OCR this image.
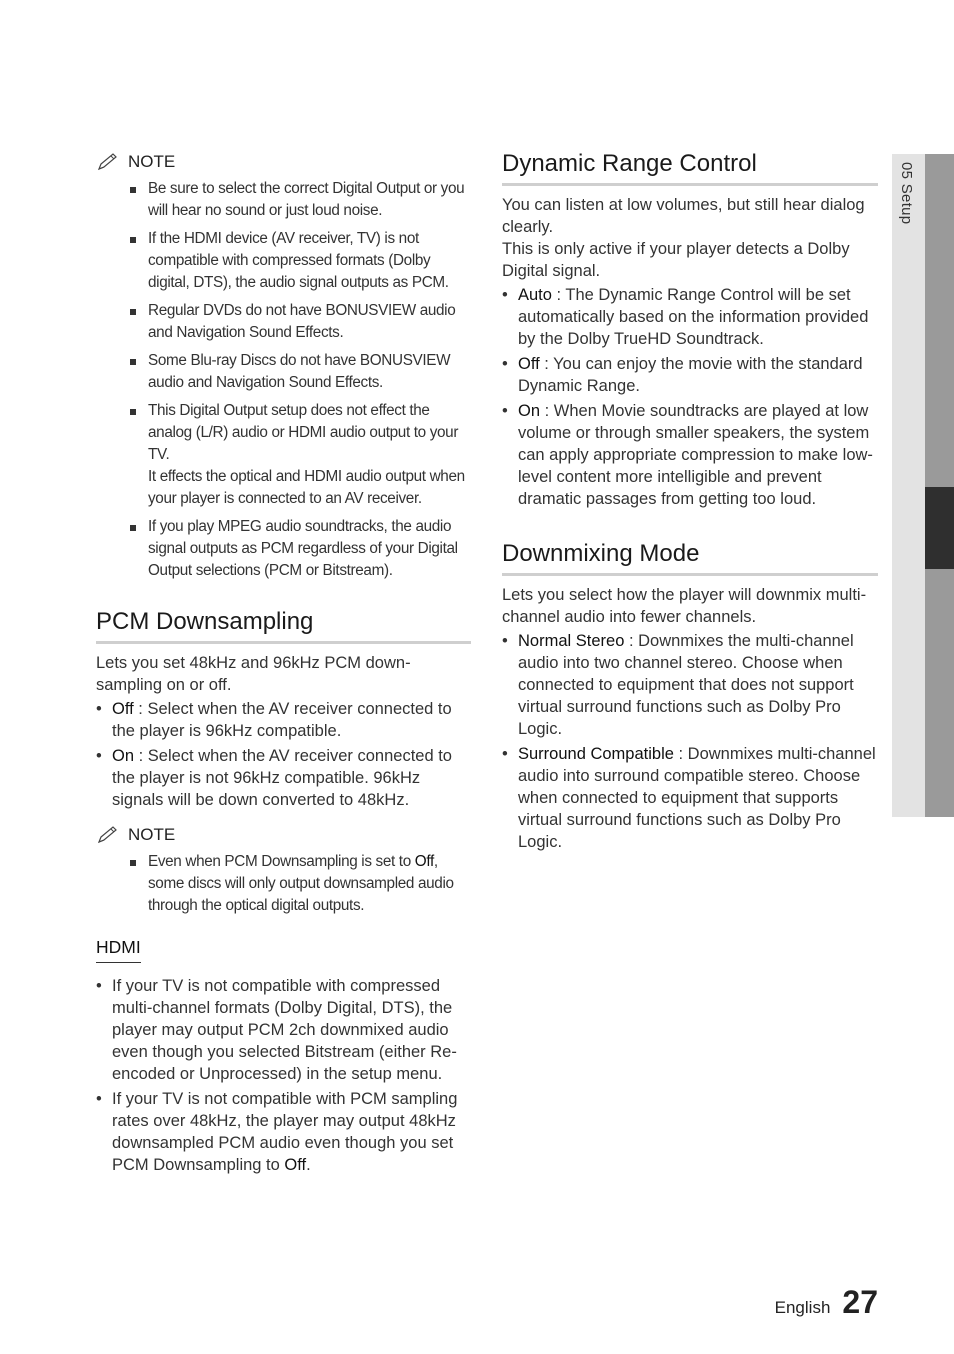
05 Setup
NOTE
Be sure to select the correct Digital Output or you will hear no sound or just loud noise.
If the HDMI device (AV receiver, TV) is not compatible with compressed formats (Dolby digital, DTS), the audio signal outputs as PCM.
Regular DVDs do not have BONUSVIEW audio and Navigation Sound Effects.
Some Blu-ray Discs do not have BONUSVIEW audio and Navigation Sound Effects.
This Digital Output setup does not effect the analog (L/R) audio or HDMI audio output to your TV.
It effects the optical and HDMI audio output when your player is connected to an AV receiver.
If you play MPEG audio soundtracks, the audio signal outputs as PCM regardless of your Digital Output selections (PCM or Bitstream).
PCM Downsampling

Lets you set 48kHz and 96kHz PCM down-sampling on or off.

• Off : Select when the AV receiver connected to the player is 96kHz compatible.
• On : Select when the AV receiver connected to the player is not 96kHz compatible. 96kHz signals will be down converted to 48kHz.
NOTE
Even when PCM Downsampling is set to Off, some discs will only output downsampled audio through the optical digital outputs.
HDMI
• If your TV is not compatible with compressed multi-channel formats (Dolby Digital, DTS), the player may output PCM 2ch downmixed audio even though you selected Bitstream (either Re-encoded or Unprocessed) in the setup menu.
• If your TV is not compatible with PCM sampling rates over 48kHz, the player may output 48kHz downsampled PCM audio even though you set PCM Downsampling to Off.
Dynamic Range Control

You can listen at low volumes, but still hear dialog clearly.

This is only active if your player detects a Dolby Digital signal.

• Auto : The Dynamic Range Control will be set automatically based on the information provided by the Dolby TrueHD Soundtrack.
• Off : You can enjoy the movie with the standard Dynamic Range.
• On : When Movie soundtracks are played at low volume or through smaller speakers, the system can apply appropriate compression to make low-level content more intelligible and prevent dramatic passages from getting too loud.
Downmixing Mode

Lets you select how the player will downmix multi-channel audio into fewer channels.

• Normal Stereo : Downmixes the multi-channel audio into two channel stereo. Choose when connected to equipment that does not support virtual surround functions such as Dolby Pro Logic.
• Surround Compatible : Downmixes multi-channel audio into surround compatible stereo. Choose when connected to equipment that supports virtual surround functions such as Dolby Pro Logic.
English 27
